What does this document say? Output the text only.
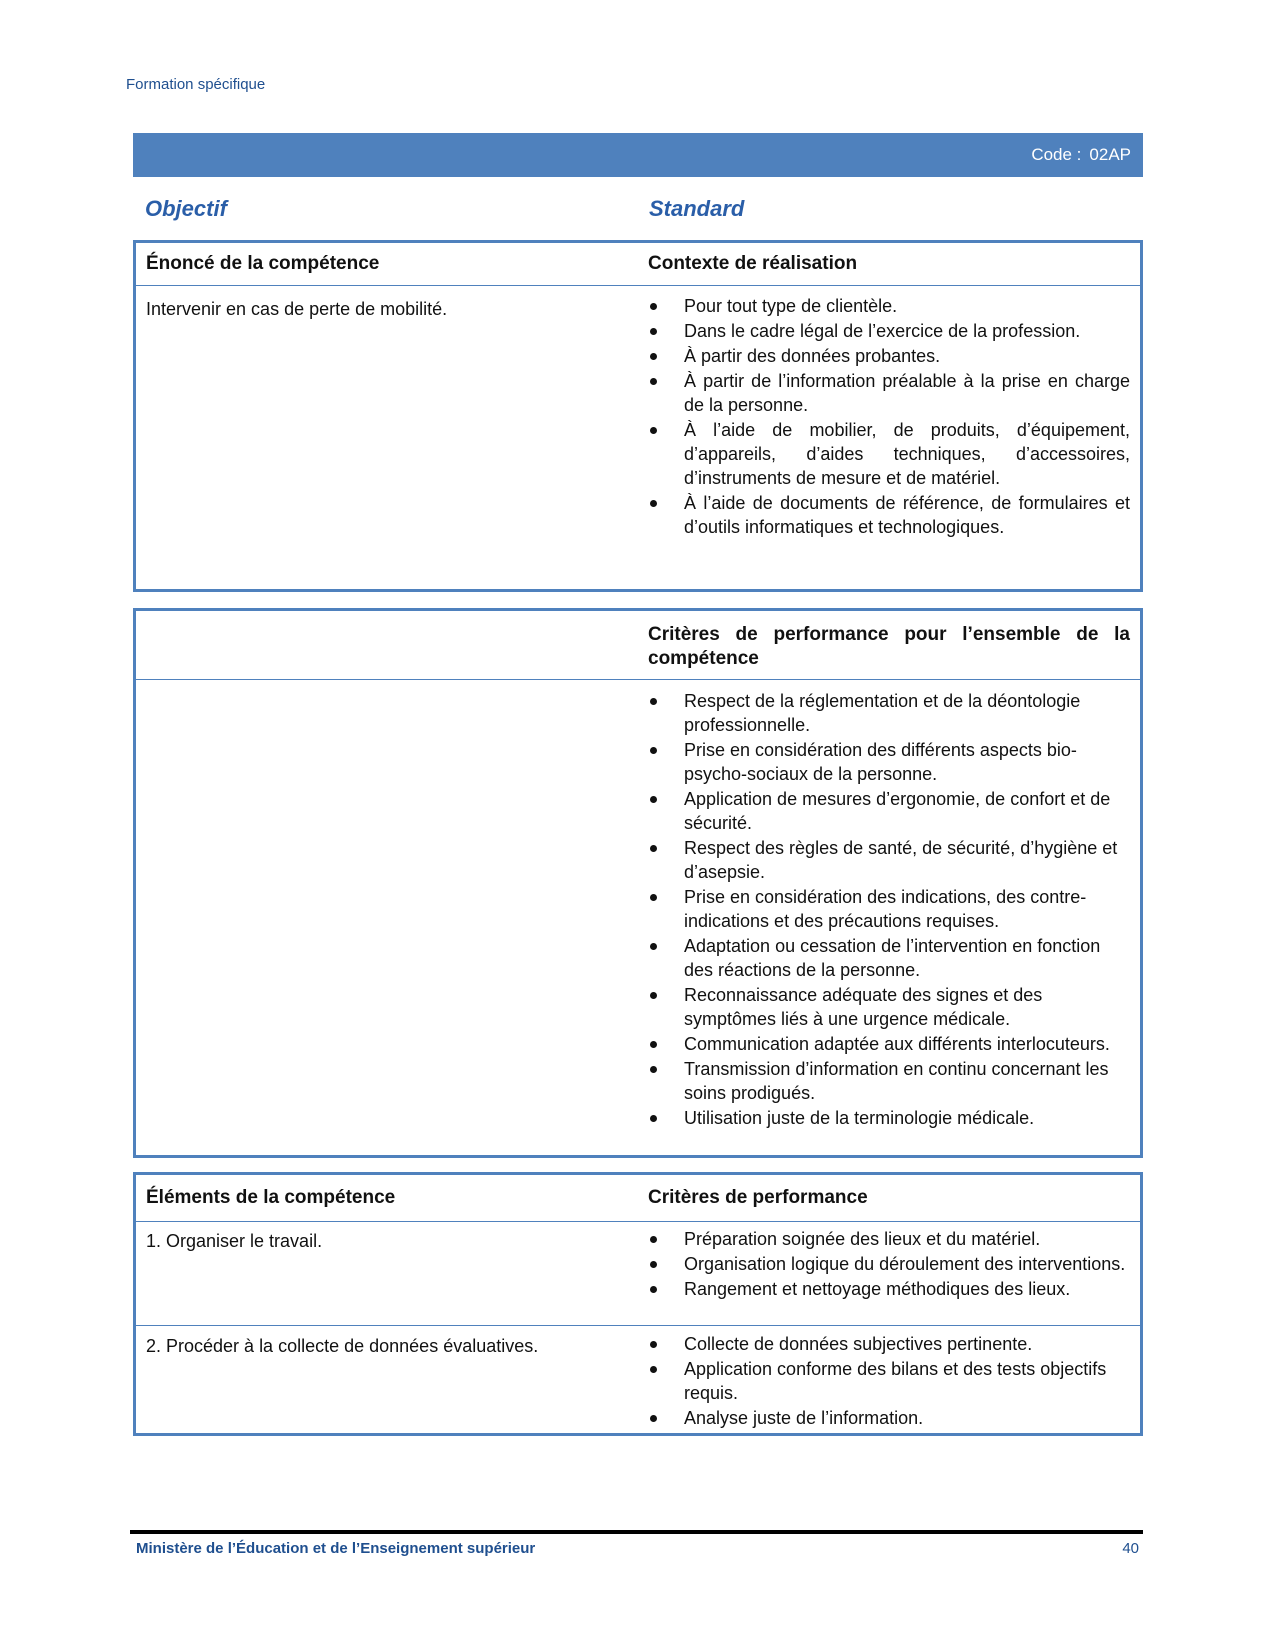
Formation spécifique
Code : 02AP
Objectif	Standard
Énoncé de la compétence	Contexte de réalisation
Intervenir en cas de perte de mobilité.	Pour tout type de clientèle.
Dans le cadre légal de l’exercice de la profession.
À partir des données probantes.
À partir de l’information préalable à la prise en charge de la personne.
À l’aide de mobilier, de produits, d’équipement, d’appareils, d’aides techniques, d’accessoires, d’instruments de mesure et de matériel.
À l’aide de documents de référence, de formulaires et d’outils informatiques et technologiques.
Critères de performance pour l’ensemble de la compétence
Respect de la réglementation et de la déontologie professionnelle.
Prise en considération des différents aspects bio-psycho-sociaux de la personne.
Application de mesures d’ergonomie, de confort et de sécurité.
Respect des règles de santé, de sécurité, d’hygiène et d’asepsie.
Prise en considération des indications, des contre-indications et des précautions requises.
Adaptation ou cessation de l’intervention en fonction des réactions de la personne.
Reconnaissance adéquate des signes et des symptômes liés à une urgence médicale.
Communication adaptée aux différents interlocuteurs.
Transmission d’information en continu concernant les soins prodigués.
Utilisation juste de la terminologie médicale.
Éléments de la compétence	Critères de performance
1. Organiser le travail.	Préparation soignée des lieux et du matériel.
Organisation logique du déroulement des interventions.
Rangement et nettoyage méthodiques des lieux.
2. Procéder à la collecte de données évaluatives.	Collecte de données subjectives pertinente.
Application conforme des bilans et des tests objectifs requis.
Analyse juste de l’information.
Ministère de l’Éducation et de l’Enseignement supérieur	40
